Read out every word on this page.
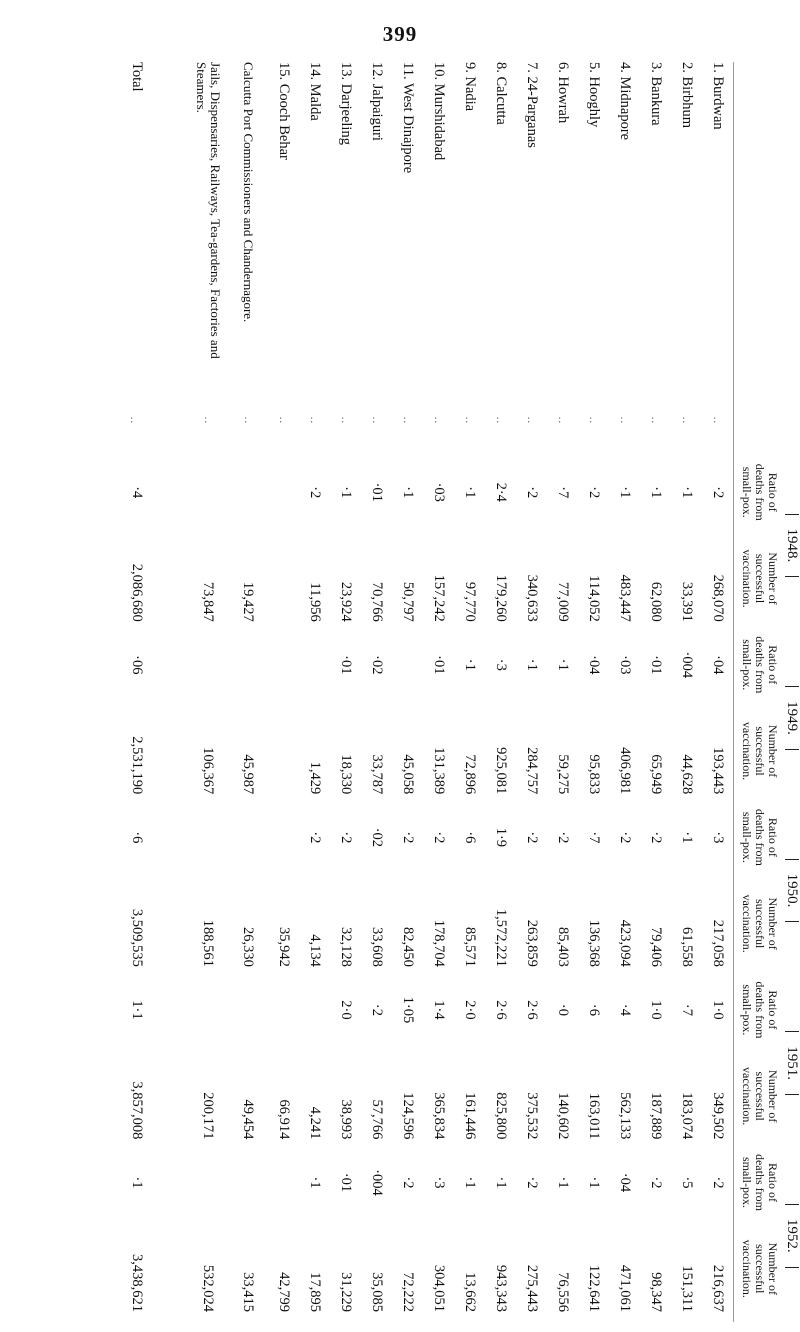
399
		1948.		1949.		1950.		1951.		1952.	
		Ratio of deaths from small-pox.	Number of successful vaccination.	Ratio of deaths from small-pox.	Number of successful vaccination.	Ratio of deaths from small-pox.	Number of successful vaccination.	Ratio of deaths from small-pox.	Number of successful vaccination.	Ratio of deaths from small-pox.	Number of successful vaccination.
1. Burdwan	..	·2	268,070	·04	193,443	·3	217,058	1·0	349,502	·2	216,637
2. Birbhum	..	·1	33,391	·004	44,628	·1	61,558	·7	183,074	·5	151,311
3. Bankura	..	·1	62,080	·01	65,949	·2	79,406	1·0	187,889	·2	98,347
4. Midnapore	..	·1	483,447	·03	406,981	·2	423,094	·4	562,133	·04	471,061
5. Hooghly	..	·2	114,052	·04	95,833	·7	136,368	·6	163,011	·1	122,641
6. Howrah	..	·7	77,009	·1	59,275	·2	85,403	·0	140,602	·1	76,556
7. 24-Parganas	..	·2	340,633	·1	284,757	·2	263,859	2·6	375,532	·2	275,443
8. Calcutta	..	2·4	179,260	·3	925,081	1·9	1,572,221	2·6	825,800	·1	943,343
9. Nadia	..	·1	97,770	·1	72,896	·6	85,571	2·0	161,446	·1	13,662
10. Murshidabad	..	·03	157,242	·01	131,389	·2	178,704	1·4	365,834	·3	304,051
11. West Dinajpore	..	·1	50,797		45,058	·2	82,450	1·05	124,596	·2	72,222
12. Jalpaiguri	..	·01	70,766	·02	33,787	·02	33,608	·2	57,766	·004	35,085
13. Darjeeling	..	·1	23,924	·01	18,330	·2	32,128	2·0	38,993	·01	31,229
14. Malda	..	·2	11,956		1,429	·2	4,134		4,241	·1	17,895
15. Cooch Behar	..						35,942		66,914		42,799
Calcutta Port Commissioners and Chandernagore.	..		19,427		45,987		26,330		49,454		33,415
Jails, Dispensaries, Railways, Tea-gardens, Factories and Steamers.	..		73,847		106,367		188,561		200,171		532,024
Total	..	·4	2,086,680	·06	2,531,190	·6	3,509,535	1·1	3,857,008	·1	3,438,621
